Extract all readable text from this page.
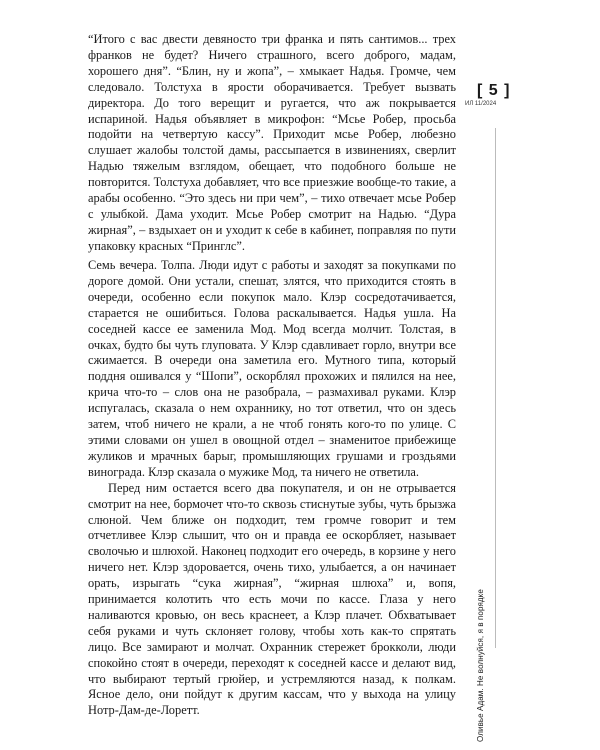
“Итого с вас двести девяносто три франка и пять сантимов... трех франков не будет? Ничего страшного, всего доброго, мадам, хорошего дня”. “Блин, ну и жопа”, – хмыкает Надья. Громче, чем следовало. Толстуха в ярости оборачивается. Требует вызвать директора. До того верещит и ругается, что аж покрывается испариной. Надья объявляет в микрофон: “Мсье Робер, просьба подойти на четвертую кассу”. Приходит мсье Робер, любезно слушает жалобы толстой дамы, рассыпается в извинениях, сверлит Надью тяжелым взглядом, обещает, что подобного больше не повторится. Толстуха добавляет, что все приезжие вообще-то такие, а арабы особенно. “Это здесь ни при чем”, – тихо отвечает мсье Робер с улыбкой. Дама уходит. Мсье Робер смотрит на Надью. “Дура жирная”, – вздыхает он и уходит к себе в кабинет, поправляя по пути упаковку красных “Принглс”.

Семь вечера. Толпа. Люди идут с работы и заходят за покупками по дороге домой. Они устали, спешат, злятся, что приходится стоять в очереди, особенно если покупок мало. Клэр сосредотачивается, старается не ошибиться. Голова раскалывается. Надья ушла. На соседней кассе ее заменила Мод. Мод всегда молчит. Толстая, в очках, будто бы чуть глуповата. У Клэр сдавливает горло, внутри все сжимается. В очереди она заметила его. Мутного типа, который поддня ошивался у “Шопи”, оскорблял прохожих и пялился на нее, крича что-то – слов она не разобрала, – размахивал руками. Клэр испугалась, сказала о нем охраннику, но тот ответил, что он здесь затем, чтоб ничего не крали, а не чтоб гонять кого-то по улице. С этими словами он ушел в овощной отдел – знаменитое прибежище жуликов и мрачных барыг, промышляющих грушами и гроздьями винограда. Клэр сказала о мужике Мод, та ничего не ответила.

Перед ним остается всего два покупателя, и он не отрывается смотрит на нее, бормочет что-то сквозь стиснутые зубы, чуть брызжа слюной. Чем ближе он подходит, тем громче говорит и тем отчетливее Клэр слышит, что он и правда ее оскорбляет, называет сволочью и шлюхой. Наконец подходит его очередь, в корзине у него ничего нет. Клэр здоровается, очень тихо, улыбается, а он начинает орать, изрыгать “сука жирная”, “жирная шлюха” и, вопя, принимается колотить что есть мочи по кассе. Глаза у него наливаются кровью, он весь краснеет, а Клэр плачет. Обхватывает себя руками и чуть склоняет голову, чтобы хоть как-то спрятать лицо. Все замирают и молчат. Охранник стережет брокколи, люди спокойно стоят в очереди, переходят к соседней кассе и делают вид, что выбирают тертый грюйер, и устремляются назад, к полкам. Ясное дело, они пойдут к другим кассам, что у выхода на улицу Нотр-Дам-де-Лоретт.

[ 5 ]
ИЛ 11/2024
Оливье Адам. Не волнуйся, я в порядке
